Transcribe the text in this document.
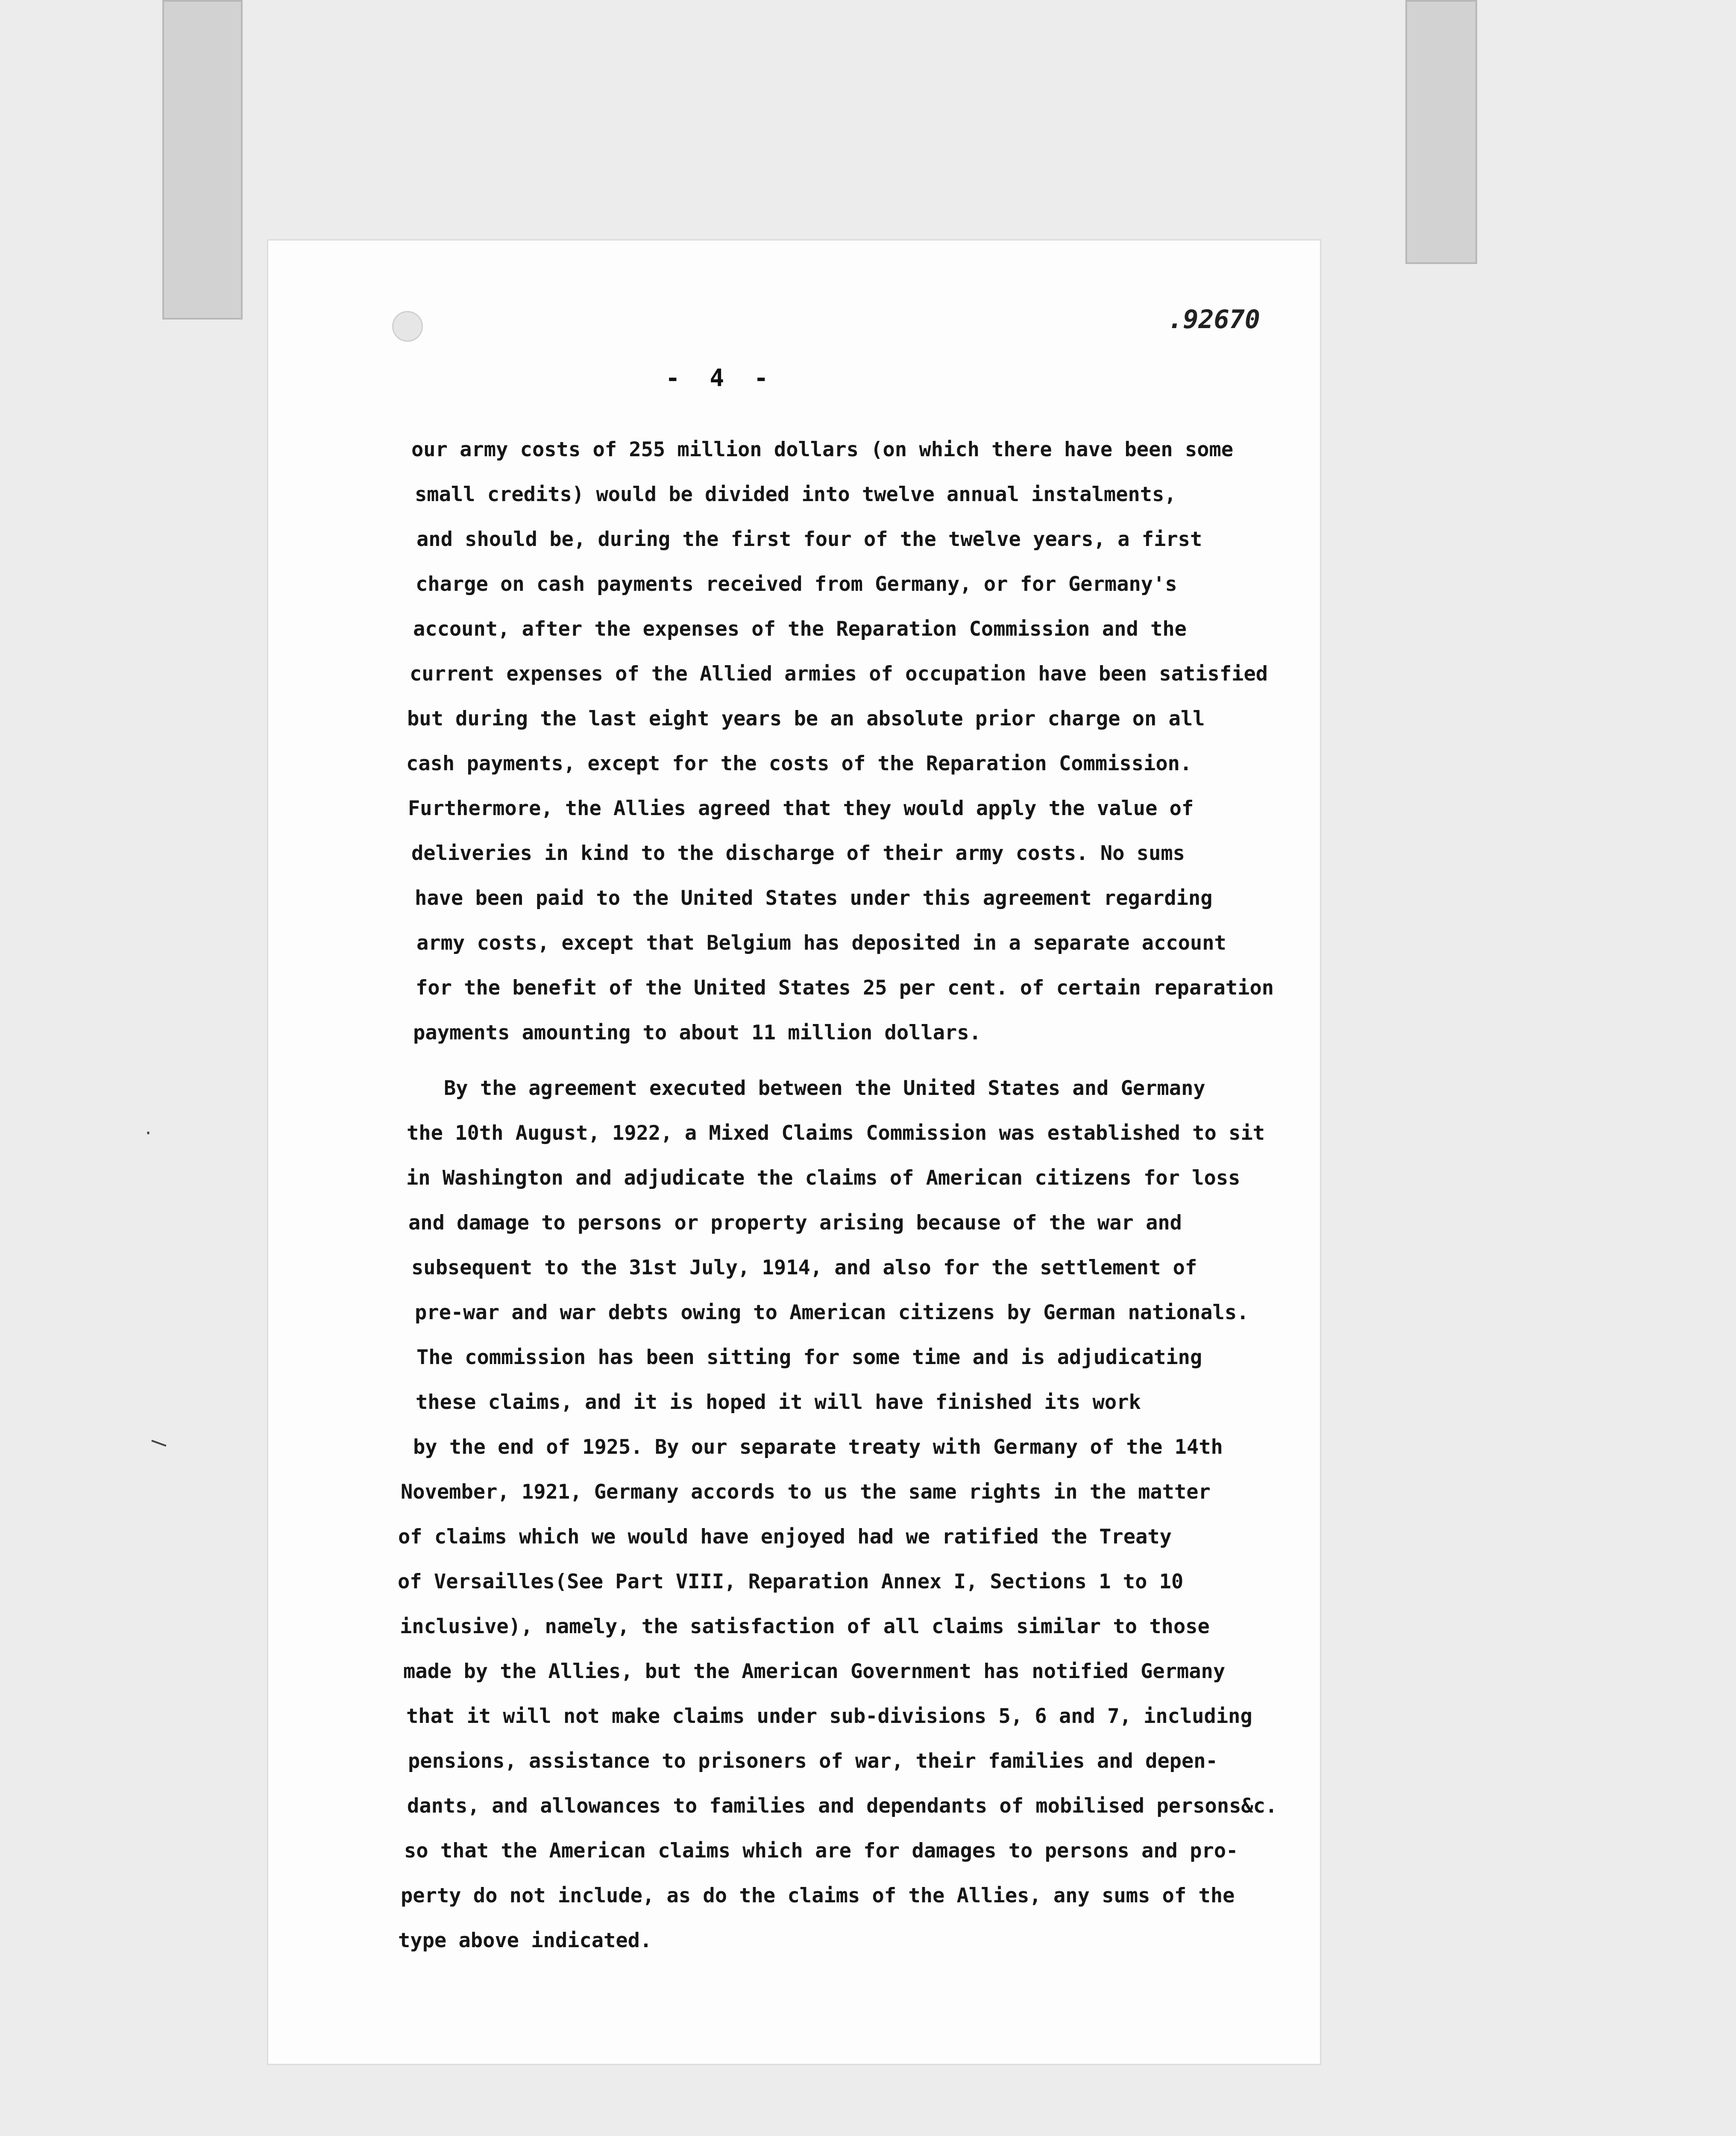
.92670
- 4 -
our army costs of 255 million dollars (on which there have been some
small credits) would be divided into twelve annual instalments,
and should be, during the first four of the twelve years, a first
charge on cash payments received from Germany, or for Germany's
account, after the expenses of the Reparation Commission and the
current expenses of the Allied armies of occupation have been satisfied
but during the last eight years be an absolute prior charge on all
cash payments, except for the costs of the Reparation Commission.
Furthermore, the Allies agreed that they would apply the value of
deliveries in kind to the discharge of their army costs. No sums
have been paid to the United States under this agreement regarding
army costs, except that Belgium has deposited in a separate account
for the benefit of the United States 25 per cent. of certain reparation
payments amounting to about 11 million dollars.
By the agreement executed between the United States and Germany
the 10th August, 1922, a Mixed Claims Commission was established to sit
in Washington and adjudicate the claims of American citizens for loss
and damage to persons or property arising because of the war and
subsequent to the 31st July, 1914, and also for the settlement of
pre-war and war debts owing to American citizens by German nationals.
The commission has been sitting for some time and is adjudicating
these claims, and it is hoped it will have finished its work
by the end of 1925. By our separate treaty with Germany of the 14th
November, 1921, Germany accords to us the same rights in the matter
of claims which we would have enjoyed had we ratified the Treaty
of Versailles(See Part VIII, Reparation Annex I, Sections 1 to 10
inclusive), namely, the satisfaction of all claims similar to those
made by the Allies, but the American Government has notified Germany
that it will not make claims under sub-divisions 5, 6 and 7, including
pensions, assistance to prisoners of war, their families and depen-
dants, and allowances to families and dependants of mobilised persons&c.
so that the American claims which are for damages to persons and pro-
perty do not include, as do the claims of the Allies, any sums of the
type above indicated.
·
—
